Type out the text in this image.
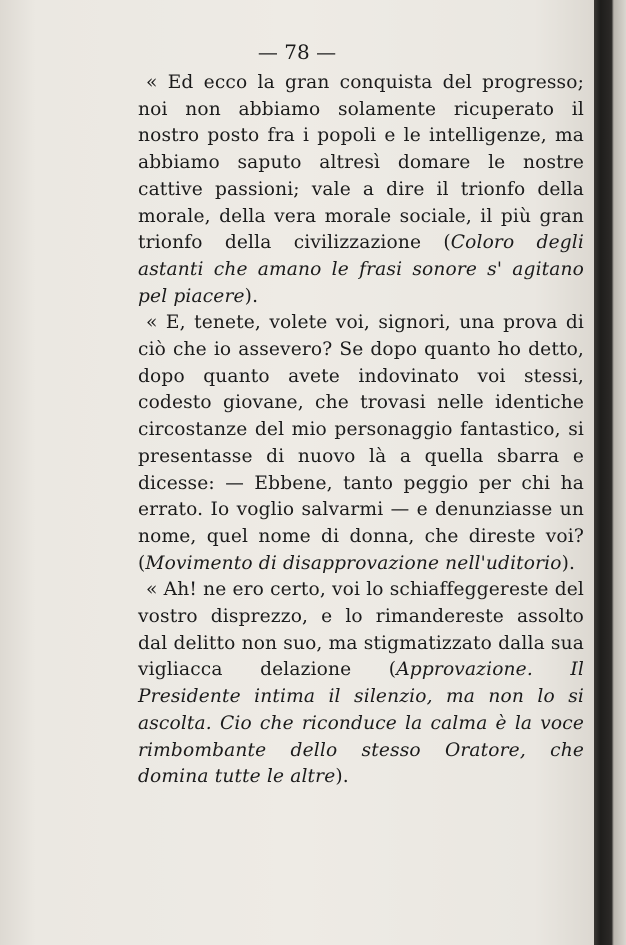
— 78 —

« Ed ecco la gran conquista del progresso; noi non abbiamo solamente ricuperato il nostro posto fra i popoli e le intelligenze, ma abbiamo saputo altresì domare le nostre cattive passioni; vale a dire il trionfo della morale, della vera morale sociale, il più gran trionfo della civilizzazione (Coloro degli astanti che amano le frasi sonore s' agitano pel piacere).

« E, tenete, volete voi, signori, una prova di ciò che io assevero? Se dopo quanto ho detto, dopo quanto avete indovinato voi stessi, codesto giovane, che trovasi nelle identiche circostanze del mio personaggio fantastico, si presentasse di nuovo là a quella sbarra e dicesse: — Ebbene, tanto peggio per chi ha errato. Io voglio salvarmi — e denunziasse un nome, quel nome di donna, che direste voi? (Movimento di disapprovazione nell'uditorio).

« Ah! ne ero certo, voi lo schiaffeggereste del vostro disprezzo, e lo rimandereste assolto dal delitto non suo, ma stigmatizzato dalla sua vigliacca delazione (Approvazione. Il Presidente intima il silenzio, ma non lo si ascolta. Cio che riconduce la calma è la voce rimbombante dello stesso Oratore, che domina tutte le altre).
